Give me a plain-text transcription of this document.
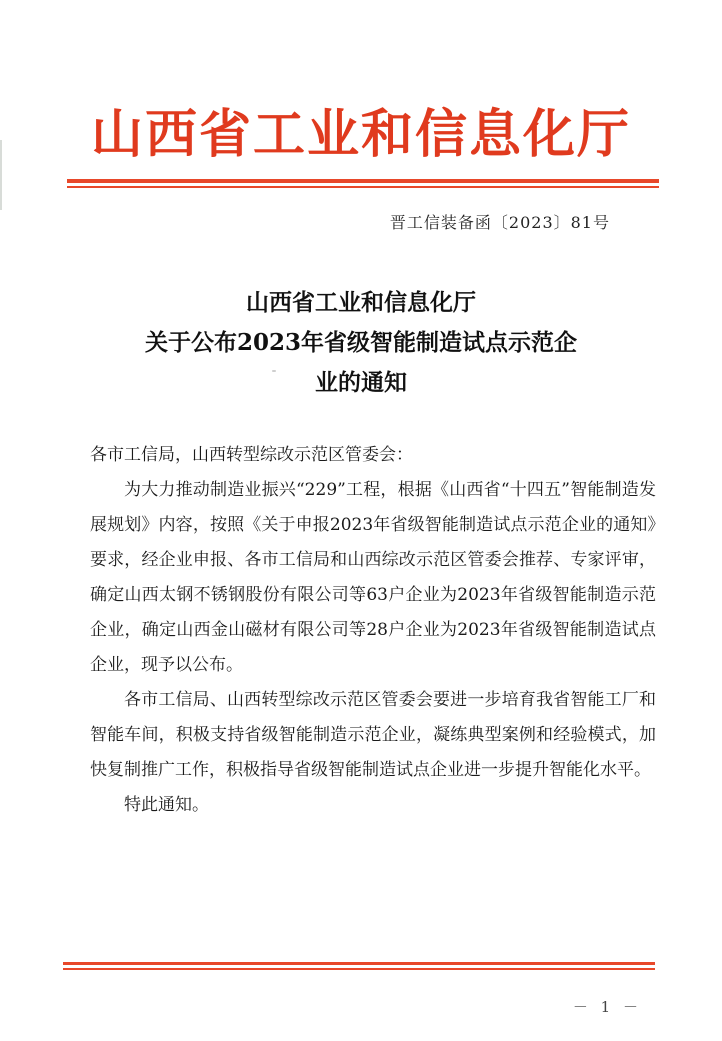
山西省工业和信息化厅
晋工信装备函〔2023〕81号
山西省工业和信息化厅
关于公布2023年省级智能制造试点示范企
业的通知

各市工信局，山西转型综改示范区管委会：

为大力推动制造业振兴“229”工程，根据《山西省“十四五”智能制造发展规划》内容，按照《关于申报2023年省级智能制造试点示范企业的通知》要求，经企业申报、各市工信局和山西综改示范区管委会推荐、专家评审，确定山西太钢不锈钢股份有限公司等63户企业为2023年省级智能制造示范企业，确定山西金山磁材有限公司等28户企业为2023年省级智能制造试点企业，现予以公布。

各市工信局、山西转型综改示范区管委会要进一步培育我省智能工厂和智能车间，积极支持省级智能制造示范企业，凝练典型案例和经验模式，加快复制推广工作，积极指导省级智能制造试点企业进一步提升智能化水平。

特此通知。

－ 1 －
